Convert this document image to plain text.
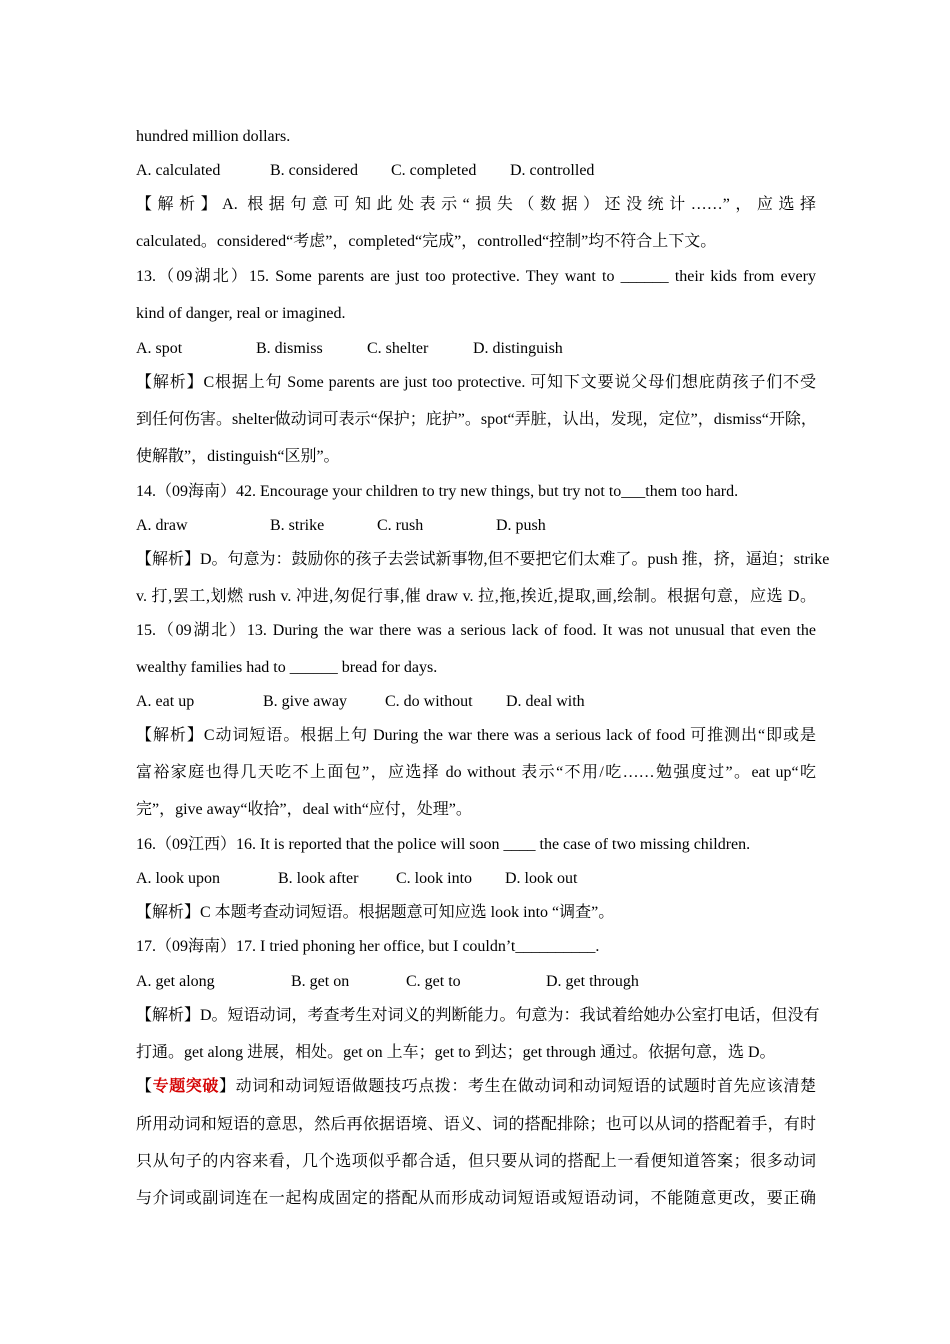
hundred million dollars.
A. calculated	B. considered C. completed D. controlled
【解析】A. 根据句意可知此处表示“损失（数据）还没统计……”，应选择
calculated。considered“考虑”，completed“完成”，controlled“控制”均不符合上下文。
13.（09湖北）15. Some parents are just too protective. They want to ______ their kids from every
kind of danger, real or imagined.
A. spot	B. dismiss	C. shelter	D. distinguish
【解析】C根据上句 Some parents are just too protective. 可知下文要说父母们想庇荫孩子们不受
到任何伤害。shelter做动词可表示“保护；庇护”。spot“弄脏，认出，发现，定位”，dismiss“开除，
使解散”，distinguish“区别”。
14.（09海南）42. Encourage your children to try new things, but try not to___them too hard.
A. draw	B. strike	C. rush	D. push
【解析】D。句意为：鼓励你的孩子去尝试新事物,但不要把它们太难了。push 推，挤，逼迫；strike
v. 打,罢工,划燃 rush v. 冲进,匆促行事,催 draw v. 拉,拖,挨近,提取,画,绘制。根据句意，应选 D。
15.（09湖北）13. During the war there was a serious lack of food. It was not unusual that even the
wealthy families had to ______ bread for days.
A. eat up	B. give away C. do without D. deal with
【解析】C动词短语。根据上句 During the war there was a serious lack of food 可推测出“即或是
富裕家庭也得几天吃不上面包”，应选择 do without 表示“不用/吃……勉强度过”。eat up“吃
完”，give away“收拾”，deal with“应付，处理”。
16.（09江西）16. It is reported that the police will soon ____ the case of two missing children.
A. look upon	B. look after C. look into D. look out
【解析】C 本题考查动词短语。根据题意可知应选 look into “调查”。
17.（09海南）17. I tried phoning her office, but I couldn’t__________.
A. get along	B. get on	C. get to	D. get through
【解析】D。短语动词，考查考生对词义的判断能力。句意为：我试着给她办公室打电话，但没有
打通。get along 进展，相处。get on 上车；get to 到达；get through 通过。依据句意，选 D。
【专题突破】动词和动词短语做题技巧点拨：考生在做动词和动词短语的试题时首先应该清楚
所用动词和短语的意思，然后再依据语境、语义、词的搭配排除；也可以从词的搭配着手，有时
只从句子的内容来看，几个选项似乎都合适，但只要从词的搭配上一看便知道答案；很多动词
与介词或副词连在一起构成固定的搭配从而形成动词短语或短语动词，不能随意更改，要正确
